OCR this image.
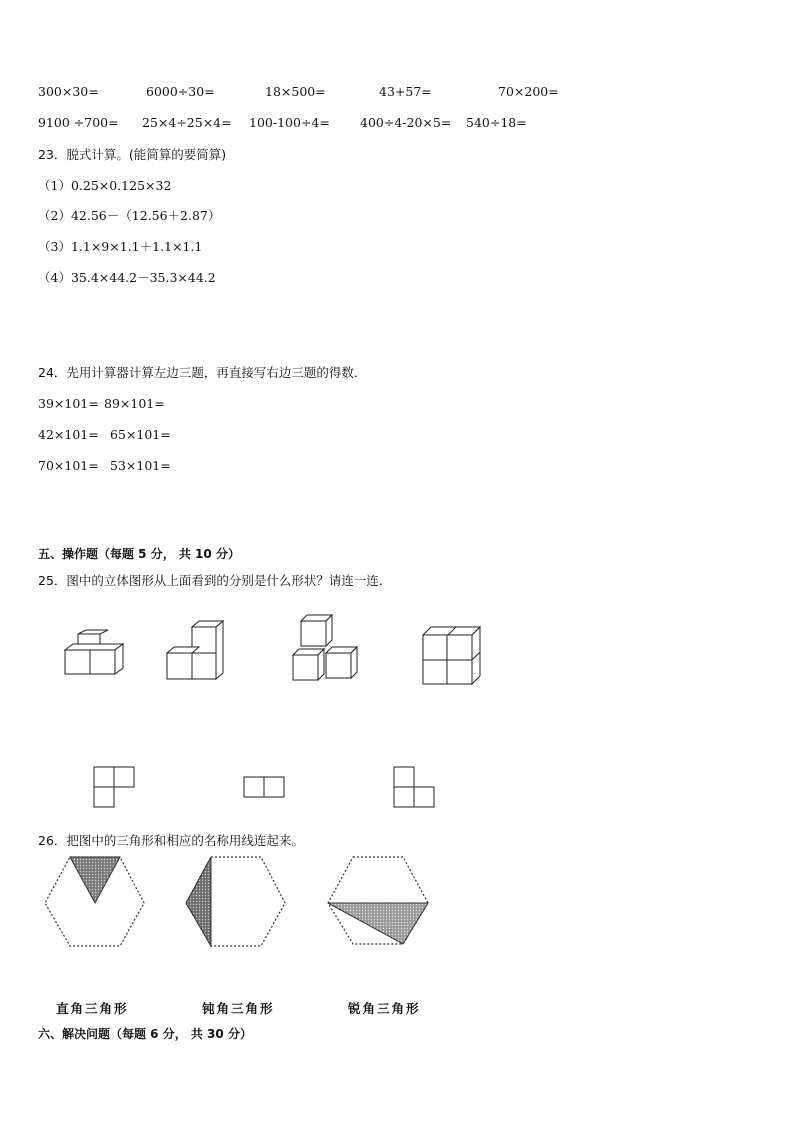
300×30=	6000÷30=	18×500=	43+57=	70×200=
9100 ÷700= 25×4÷25×4= 100-100÷4= 400÷4-20×5= 540÷18=
23．脱式计算。(能简算的要简算)
（1）0.25×0.125×32
（2）42.56－（12.56＋2.87）
（3）1.1×9×1.1＋1.1×1.1
（4）35.4×44.2－35.3×44.2
24．先用计算器计算左边三题，再直接写右边三题的得数．
39×101= 89×101=
42×101= 65×101=
70×101= 53×101=
五、操作题（每题 5 分， 共 10 分）
25．图中的立体图形从上面看到的分别是什么形状？请连一连．
26．把图中的三角形和相应的名称用线连起来。
直角三角形	钝角三角形	锐角三角形
六、解决问题（每题 6 分， 共 30 分）
